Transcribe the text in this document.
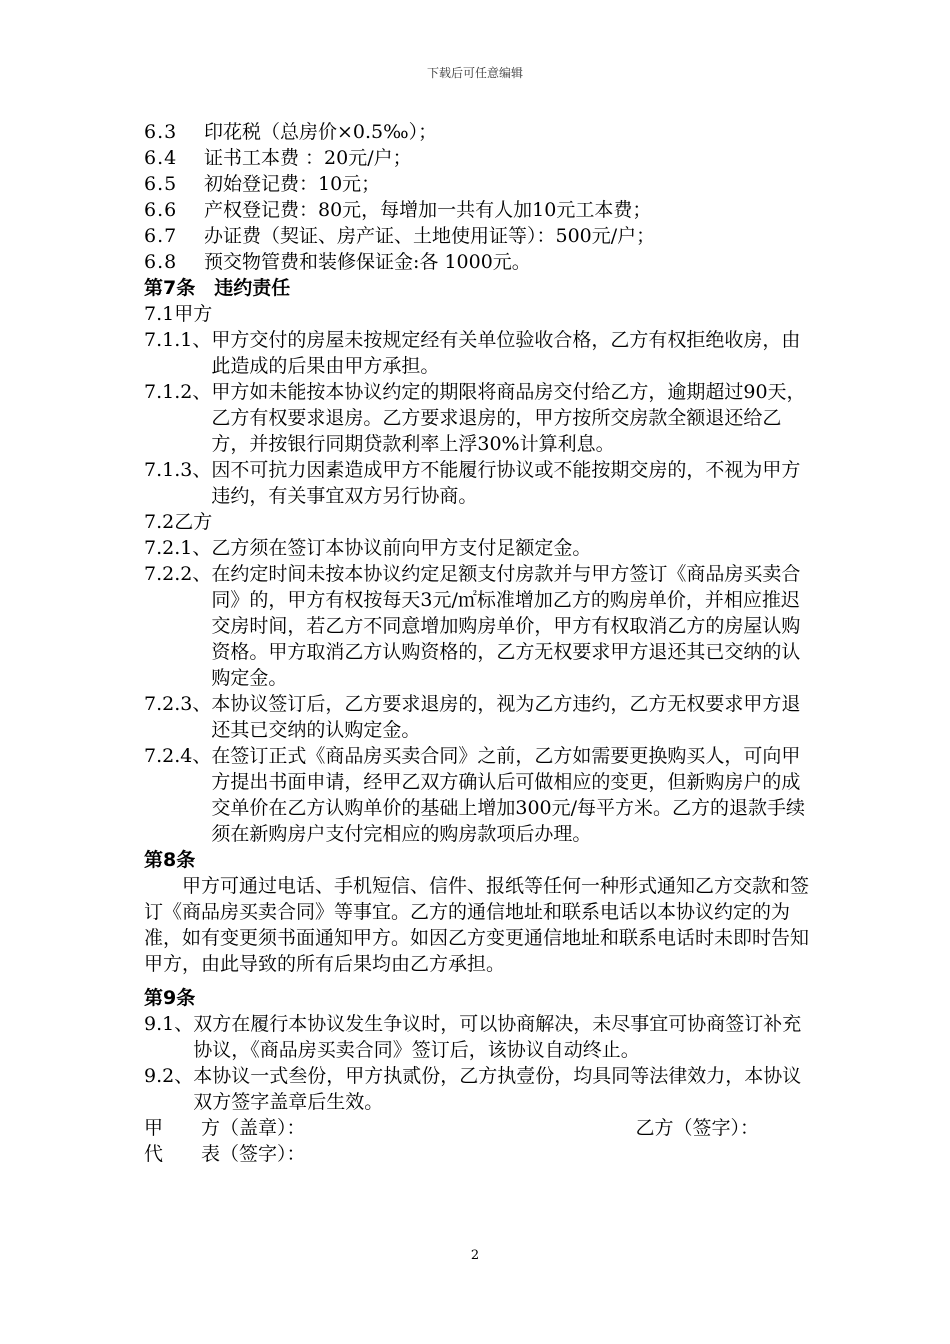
下载后可任意编辑
6.3 印花税（总房价×0.5‰）；
6.4 证书工本费 ：20元/户；
6.5 初始登记费：10元；
6.6 产权登记费：80元，每增加一共有人加10元工本费；
6.7 办证费（契证、房产证、土地使用证等）：500元/户；
6.8 预交物管费和装修保证金:各 1000元。
第7条　违约责任
7.1甲方
7.1.1、 甲方交付的房屋未按规定经有关单位验收合格，乙方有权拒绝收房，由此造成的后果由甲方承担。
7.1.2、 甲方如未能按本协议约定的期限将商品房交付给乙方，逾期超过90天，乙方有权要求退房。乙方要求退房的，甲方按所交房款全额退还给乙方，并按银行同期贷款利率上浮30%计算利息。
7.1.3、 因不可抗力因素造成甲方不能履行协议或不能按期交房的，不视为甲方违约，有关事宜双方另行协商。
7.2乙方
7.2.1、 乙方须在签订本协议前向甲方支付足额定金。
7.2.2、 在约定时间未按本协议约定足额支付房款并与甲方签订《商品房买卖合同》的，甲方有权按每天3元/㎡标准增加乙方的购房单价，并相应推迟交房时间，若乙方不同意增加购房单价，甲方有权取消乙方的房屋认购资格。甲方取消乙方认购资格的，乙方无权要求甲方退还其已交纳的认购定金。
7.2.3、 本协议签订后，乙方要求退房的，视为乙方违约，乙方无权要求甲方退还其已交纳的认购定金。
7.2.4、 在签订正式《商品房买卖合同》之前，乙方如需要更换购买人，可向甲方提出书面申请，经甲乙双方确认后可做相应的变更，但新购房户的成交单价在乙方认购单价的基础上增加300元/每平方米。乙方的退款手续须在新购房户支付完相应的购房款项后办理。
第8条
甲方可通过电话、手机短信、信件、报纸等任何一种形式通知乙方交款和签订《商品房买卖合同》等事宜。乙方的通信地址和联系电话以本协议约定的为准，如有变更须书面通知甲方。如因乙方变更通信地址和联系电话时未即时告知甲方，由此导致的所有后果均由乙方承担。
第9条
9.1、 双方在履行本协议发生争议时，可以协商解决，未尽事宜可协商签订补充协议，《商品房买卖合同》签订后，该协议自动终止。
9.2、 本协议一式叁份，甲方执贰份，乙方执壹份，均具同等法律效力，本协议双方签字盖章后生效。
甲　　方（盖章）：	乙方（签字）：
代　　表（签字）：
2
